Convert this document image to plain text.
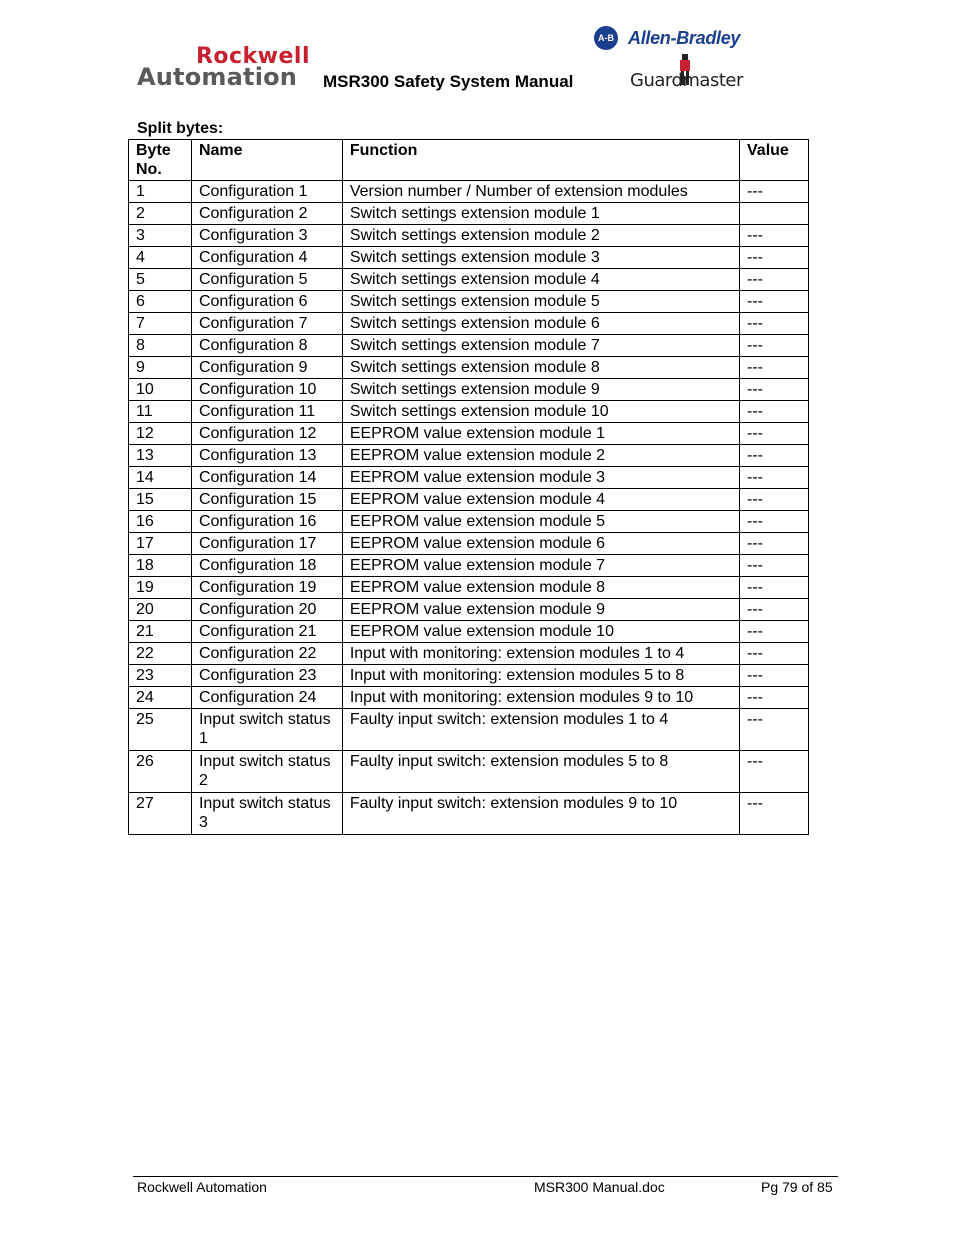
Rockwell
Automation	MSR300 Safety System Manual
A-B Allen-Bradley
Guardmaster
Split bytes:
Byte No.	Name	Function	Value
1	Configuration 1	Version number / Number of extension modules	---
2	Configuration 2	Switch settings extension module 1	
3	Configuration 3	Switch settings extension module 2	---
4	Configuration 4	Switch settings extension module 3	---
5	Configuration 5	Switch settings extension module 4	---
6	Configuration 6	Switch settings extension module 5	---
7	Configuration 7	Switch settings extension module 6	---
8	Configuration 8	Switch settings extension module 7	---
9	Configuration 9	Switch settings extension module 8	---
10	Configuration 10	Switch settings extension module 9	---
11	Configuration 11	Switch settings extension module 10	---
12	Configuration 12	EEPROM value extension module 1	---
13	Configuration 13	EEPROM value extension module 2	---
14	Configuration 14	EEPROM value extension module 3	---
15	Configuration 15	EEPROM value extension module 4	---
16	Configuration 16	EEPROM value extension module 5	---
17	Configuration 17	EEPROM value extension module 6	---
18	Configuration 18	EEPROM value extension module 7	---
19	Configuration 19	EEPROM value extension module 8	---
20	Configuration 20	EEPROM value extension module 9	---
21	Configuration 21	EEPROM value extension module 10	---
22	Configuration 22	Input with monitoring: extension modules 1 to 4	---
23	Configuration 23	Input with monitoring: extension modules 5 to 8	---
24	Configuration 24	Input with monitoring: extension modules 9 to 10	---
25	Input switch status 1	Faulty input switch: extension modules 1 to 4	---
26	Input switch status 2	Faulty input switch: extension modules 5 to 8	---
27	Input switch status 3	Faulty input switch: extension modules 9 to 10	---
Rockwell Automation	MSR300 Manual.doc	Pg 79 of 85
